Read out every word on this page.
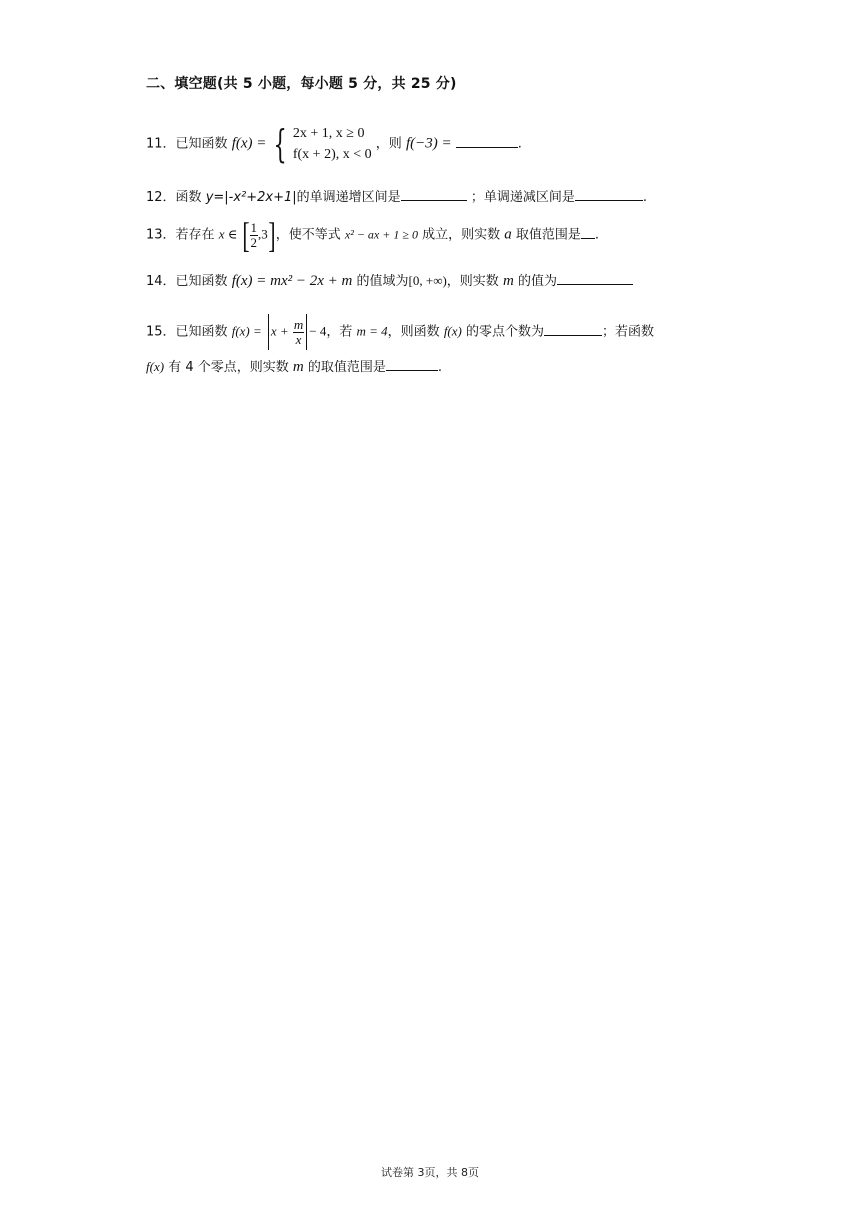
二、填空题(共 5 小题，每小题 5 分，共 25 分)
11．已知函数 f(x) = { 2x + 1, x ≥ 0
f(x + 2), x < 0
，则 f(−3) =	.
12．函数 y=|-x²+2x+1|的单调递增区间是	；单调递减区间是	.
13．若存在 x ∈ [ $\frac{1}{2} ,3$]，使不等式 x² − ax + 1 ≥ 0 成立，则实数 a 取值范围是 .
14．已知函数 f(x) = mx² − 2x + m 的值域为[0, +∞)，则实数 m 的值为
15．已知函数 $f(x) = x + \frac{m}{x} - 4$，若 m = 4，则函数 f(x) 的零点个数为	；若函数
f(x) 有 4 个零点，则实数 m 的取值范围是	.
试卷第 3页，共 8页
